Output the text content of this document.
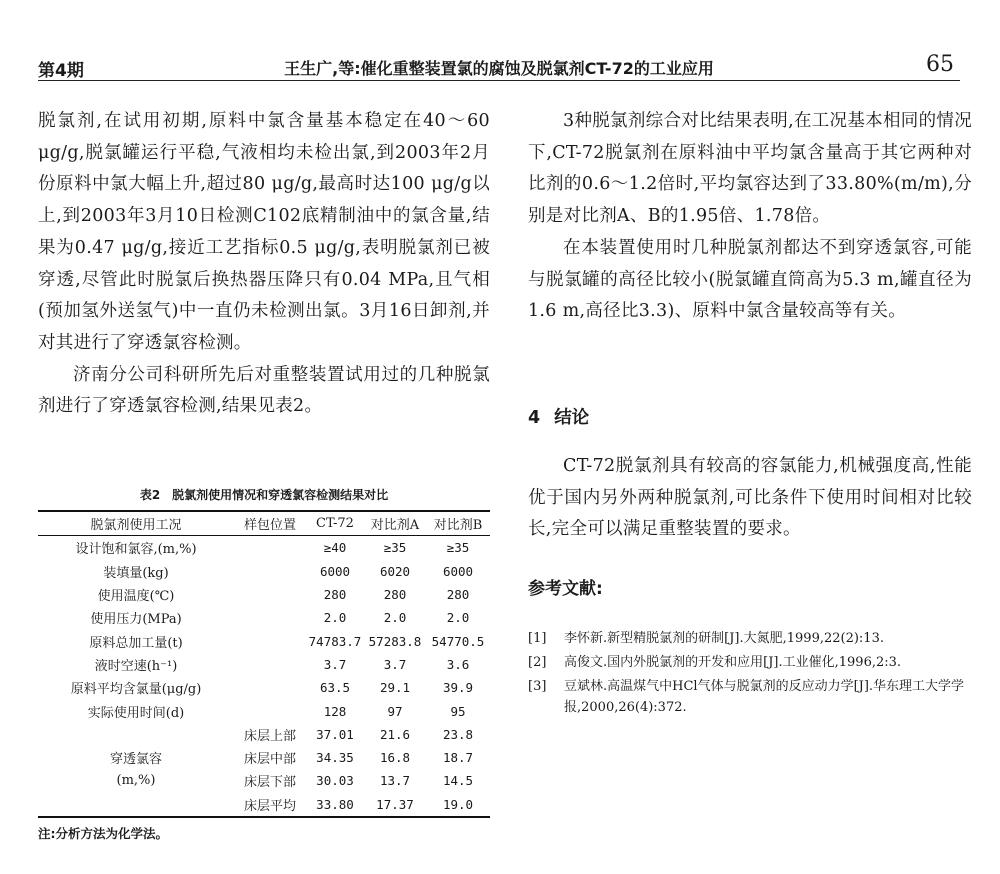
第4期	王生广,等:催化重整装置氯的腐蚀及脱氯剂CT-72的工业应用	65

脱氯剂,在试用初期,原料中氯含量基本稳定在40～60 μg/g,脱氯罐运行平稳,气液相均未检出氯,到2003年2月份原料中氯大幅上升,超过80 μg/g,最高时达100 μg/g以上,到2003年3月10日检测C102底精制油中的氯含量,结果为0.47 μg/g,接近工艺指标0.5 μg/g,表明脱氯剂已被穿透,尽管此时脱氯后换热器压降只有0.04 MPa,且气相(预加氢外送氢气)中一直仍未检测出氯。3月16日卸剂,并对其进行了穿透氯容检测。

济南分公司科研所先后对重整装置试用过的几种脱氯剂进行了穿透氯容检测,结果见表2。

表2　脱氯剂使用情况和穿透氯容检测结果对比
脱氯剂使用工况	样包位置	CT-72	对比剂A	对比剂B
设计饱和氯容,(m,%)		≥40	≥35	≥35
装填量(kg)		6000	6020	6000
使用温度(℃)		280	280	280
使用压力(MPa)		2.0	2.0	2.0
原料总加工量(t)		74783.7	57283.8	54770.5
液时空速(h⁻¹)		3.7	3.7	3.6
原料平均含氯量(μg/g)		63.5	29.1	39.9
实际使用时间(d)		128	97	95
	床层上部	37.01	21.6	23.8
穿透氯容	床层中部	34.35	16.8	18.7
(m,%)	床层下部	30.03	13.7	14.5
	床层平均	33.80	17.37	19.0
注:分析方法为化学法。

3种脱氯剂综合对比结果表明,在工况基本相同的情况下,CT-72脱氯剂在原料油中平均氯含量高于其它两种对比剂的0.6～1.2倍时,平均氯容达到了33.80%(m/m),分别是对比剂A、B的1.95倍、1.78倍。

在本装置使用时几种脱氯剂都达不到穿透氯容,可能与脱氯罐的高径比较小(脱氯罐直筒高为5.3 m,罐直径为1.6 m,高径比3.3)、原料中氯含量较高等有关。

4 结论

CT-72脱氯剂具有较高的容氯能力,机械强度高,性能优于国内另外两种脱氯剂,可比条件下使用时间相对比较长,完全可以满足重整装置的要求。

参考文献:
[1]	李怀新.新型精脱氯剂的研制[J].大氮肥,1999,22(2):13.
[2]	高俊文.国内外脱氯剂的开发和应用[J].工业催化,1996,2:3.
[3]	豆斌林.高温煤气中HCl气体与脱氯剂的反应动力学[J].华东理工大学学报,2000,26(4):372.
